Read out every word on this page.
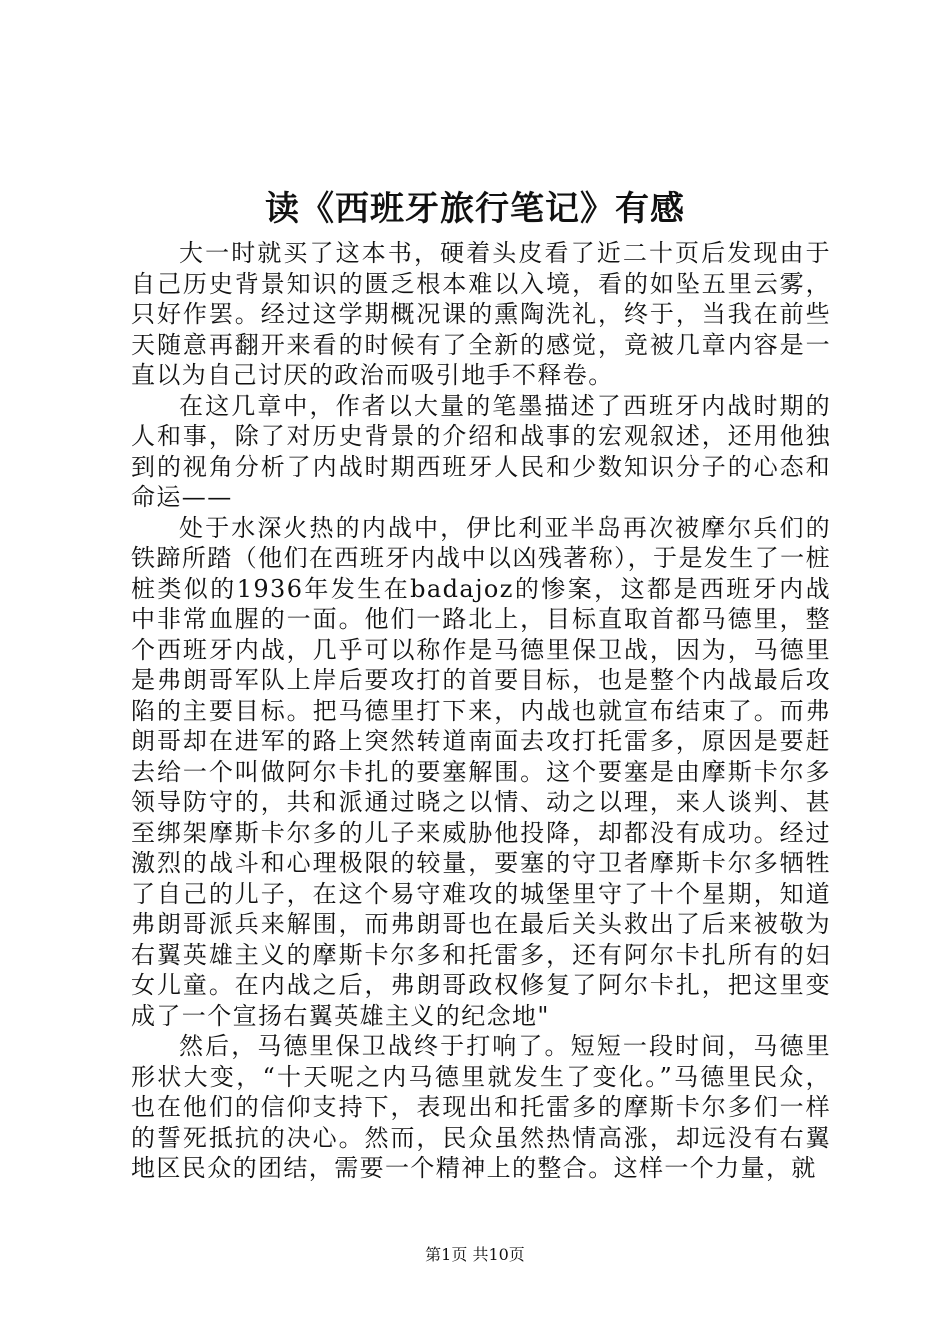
读《西班牙旅行笔记》有感

大一时就买了这本书，硬着头皮看了近二十页后发现由于自己历史背景知识的匮乏根本难以入境，看的如坠五里云雾，只好作罢。经过这学期概况课的熏陶洗礼，终于，当我在前些天随意再翻开来看的时候有了全新的感觉，竟被几章内容是一直以为自己讨厌的政治而吸引地手不释卷。

在这几章中，作者以大量的笔墨描述了西班牙内战时期的人和事，除了对历史背景的介绍和战事的宏观叙述，还用他独到的视角分析了内战时期西班牙人民和少数知识分子的心态和命运——

处于水深火热的内战中，伊比利亚半岛再次被摩尔兵们的铁蹄所踏（他们在西班牙内战中以凶残著称），于是发生了一桩桩类似的1936年发生在badajoz的惨案，这都是西班牙内战中非常血腥的一面。他们一路北上，目标直取首都马德里，整个西班牙内战，几乎可以称作是马德里保卫战，因为，马德里是弗朗哥军队上岸后要攻打的首要目标，也是整个内战最后攻陷的主要目标。把马德里打下来，内战也就宣布结束了。而弗朗哥却在进军的路上突然转道南面去攻打托雷多，原因是要赶去给一个叫做阿尔卡扎的要塞解围。这个要塞是由摩斯卡尔多领导防守的，共和派通过晓之以情、动之以理，来人谈判、甚至绑架摩斯卡尔多的儿子来威胁他投降，却都没有成功。经过激烈的战斗和心理极限的较量，要塞的守卫者摩斯卡尔多牺牲了自己的儿子，在这个易守难攻的城堡里守了十个星期，知道弗朗哥派兵来解围，而弗朗哥也在最后关头救出了后来被敬为右翼英雄主义的摩斯卡尔多和托雷多，还有阿尔卡扎所有的妇女儿童。在内战之后，弗朗哥政权修复了阿尔卡扎，把这里变成了一个宣扬右翼英雄主义的纪念地"

然后，马德里保卫战终于打响了。短短一段时间，马德里形状大变，“十天呢之内马德里就发生了变化。”马德里民众，也在他们的信仰支持下，表现出和托雷多的摩斯卡尔多们一样的誓死抵抗的决心。然而，民众虽然热情高涨，却远没有右翼地区民众的团结，需要一个精神上的整合。这样一个力量，就

第1页 共10页
